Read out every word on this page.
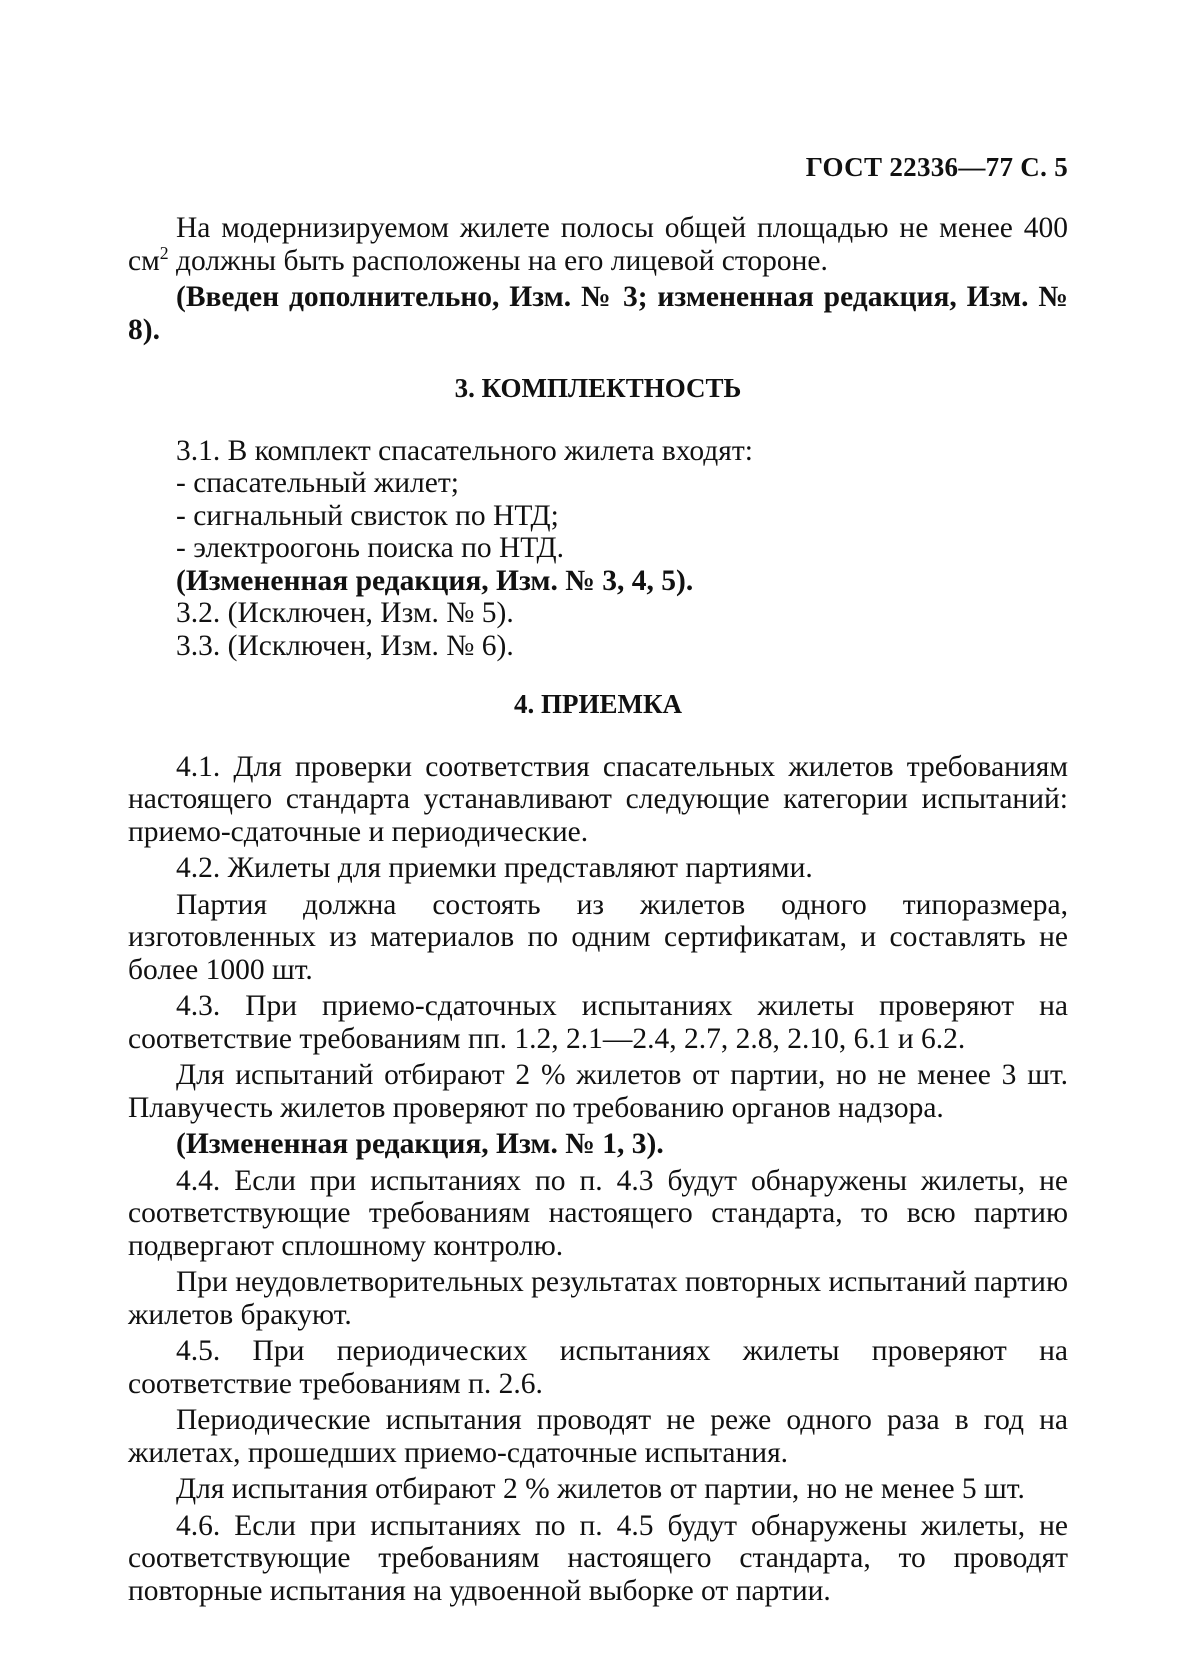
ГОСТ 22336—77 С. 5

На модернизируемом жилете полосы общей площадью не менее 400 $см^2$ должны быть расположены на его лицевой стороне.

(Введен дополнительно, Изм. № 3; измененная редакция, Изм. № 8).

3. КОМПЛЕКТНОСТЬ

3.1. В комплект спасательного жилета входят:

- спасательный жилет;

- сигнальный свисток по НТД;

- электроогонь поиска по НТД.

(Измененная редакция, Изм. № 3, 4, 5).

3.2. (Исключен, Изм. № 5).

3.3. (Исключен, Изм. № 6).

4. ПРИЕМКА

4.1. Для проверки соответствия спасательных жилетов требованиям настоящего стандарта устанавливают следующие категории испытаний: приемо-сдаточные и периодические.

4.2. Жилеты для приемки представляют партиями.

Партия должна состоять из жилетов одного типоразмера, изготовленных из материалов по одним сертификатам, и составлять не более 1000 шт.

4.3. При приемо-сдаточных испытаниях жилеты проверяют на соответствие требованиям пп. 1.2, 2.1—2.4, 2.7, 2.8, 2.10, 6.1 и 6.2.

Для испытаний отбирают 2 % жилетов от партии, но не менее 3 шт. Плавучесть жилетов проверяют по требованию органов надзора.

(Измененная редакция, Изм. № 1, 3).

4.4. Если при испытаниях по п. 4.3 будут обнаружены жилеты, не соответствующие требованиям настоящего стандарта, то всю партию подвергают сплошному контролю.

При неудовлетворительных результатах повторных испытаний партию жилетов бракуют.

4.5. При периодических испытаниях жилеты проверяют на соответствие требованиям п. 2.6.

Периодические испытания проводят не реже одного раза в год на жилетах, прошедших приемо-сдаточные испытания.

Для испытания отбирают 2 % жилетов от партии, но не менее 5 шт.

4.6. Если при испытаниях по п. 4.5 будут обнаружены жилеты, не соответствующие требованиям настоящего стандарта, то проводят повторные испытания на удвоенной выборке от партии.
